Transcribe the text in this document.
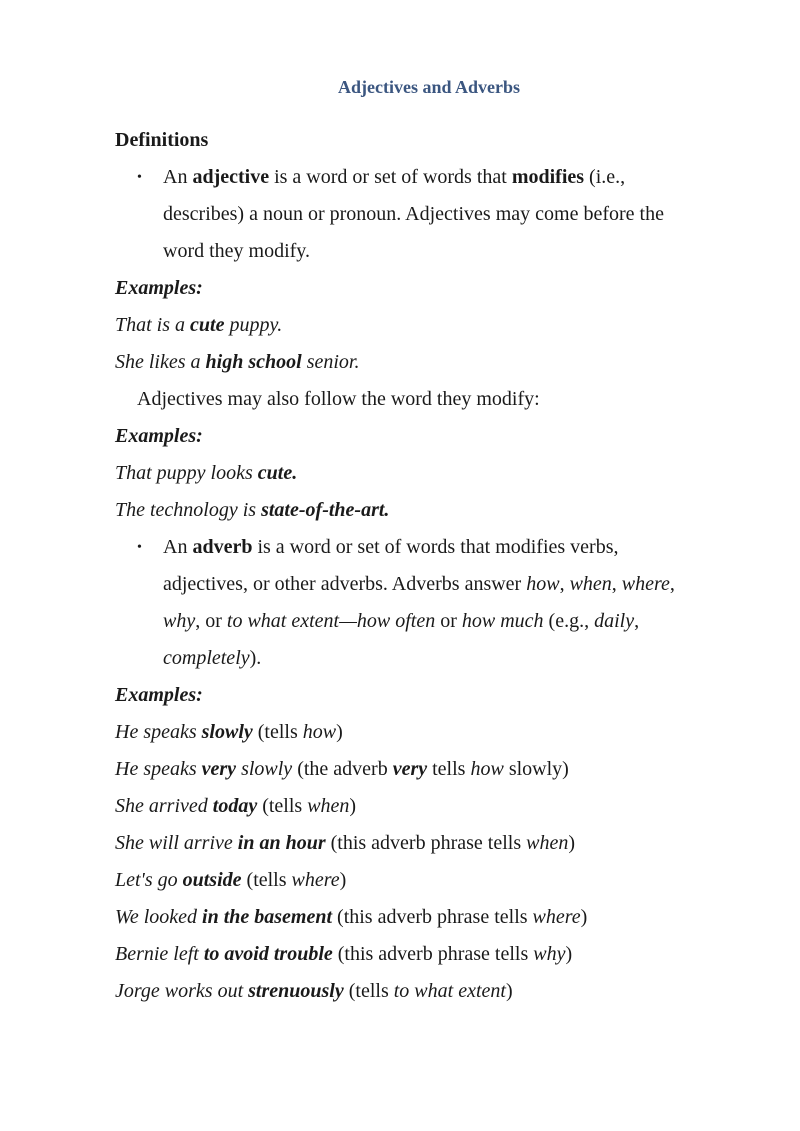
Adjectives and Adverbs
Definitions
• An adjective is a word or set of words that modifies (i.e.,
describes) a noun or pronoun. Adjectives may come before the
word they modify.
Examples:
That is a cute puppy.
She likes a high school senior.
Adjectives may also follow the word they modify:
Examples:
That puppy looks cute.
The technology is state-of-the-art.
• An adverb is a word or set of words that modifies verbs,
adjectives, or other adverbs. Adverbs answer how, when, where,
why, or to what extent—how often or how much (e.g., daily,
completely).
Examples:
He speaks slowly (tells how)
He speaks very slowly (the adverb very tells how slowly)
She arrived today (tells when)
She will arrive in an hour (this adverb phrase tells when)
Let's go outside (tells where)
We looked in the basement (this adverb phrase tells where)
Bernie left to avoid trouble (this adverb phrase tells why)
Jorge works out strenuously (tells to what extent)
